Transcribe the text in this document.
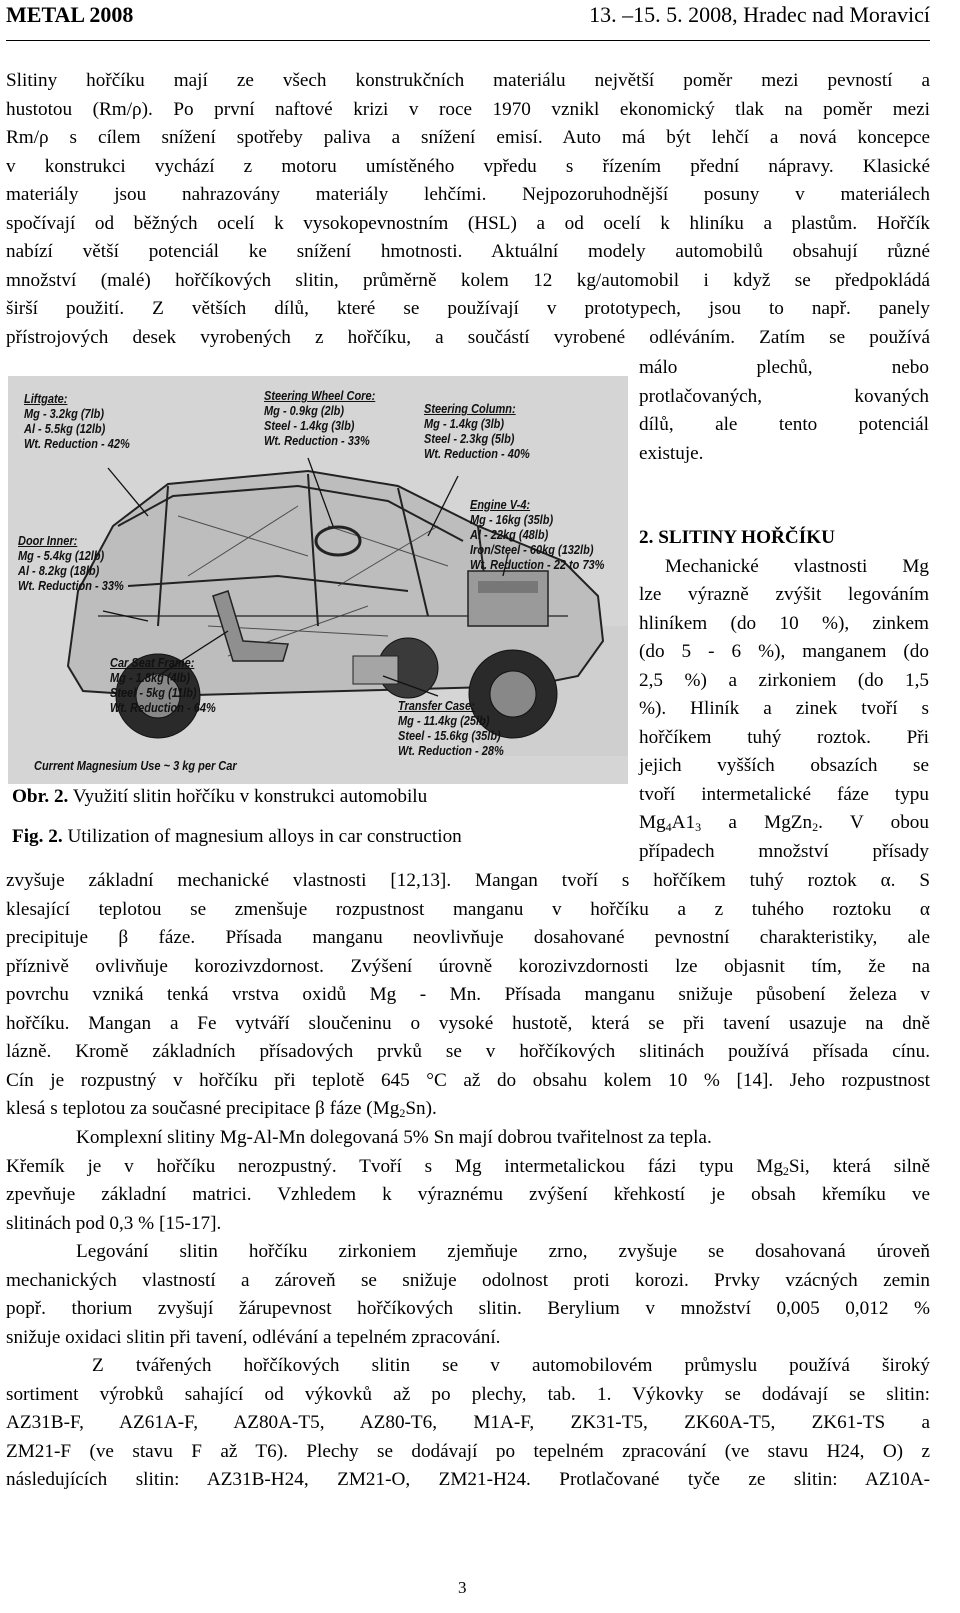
METAL 2008	13. –15. 5. 2008, Hradec nad Moravicí
Slitiny hořčíku mají ze všech konstrukčních materiálu největší poměr mezi pevností a
hustotou (Rm/ρ). Po první naftové krizi v roce 1970 vznikl ekonomický tlak na poměr mezi
Rm/ρ s cílem snížení spotřeby paliva a snížení emisí. Auto má být lehčí a nová koncepce
v konstrukci vychází z motoru umístěného vpředu s řízením přední nápravy. Klasické
materiály jsou nahrazovány materiály lehčími. Nejpozoruhodnější posuny v materiálech
spočívají od běžných ocelí k vysokopevnostním (HSL) a od ocelí k hliníku a plastům. Hořčík
nabízí větší potenciál ke snížení hmotnosti. Aktuální modely automobilů obsahují různé
množství (malé) hořčíkových slitin, průměrně kolem 12 kg/automobil i když se předpokládá
širší použití. Z větších dílů, které se používají v prototypech, jsou to např. panely
přístrojových desek vyrobených z hořčíku, a součástí vyrobené odléváním. Zatím se používá
málo plechů, nebo
protlačovaných, kovaných
dílů, ale tento potenciál
existuje.
2. SLITINY HOŘČÍKU
Mechanické vlastnosti Mg
lze výrazně zvýšit legováním
hliníkem (do 10 %), zinkem
(do 5 - 6 %), manganem (do
2,5 %) a zirkoniem (do 1,5
%). Hliník a zinek tvoří s
hořčíkem tuhý roztok. Při
jejich vyšších obsazích se
tvoří intermetalické fáze typu
$Mg_4A1_3$ a MgZn$_2$. V obou
případech množství přísady
Liftgate:
Mg - 3.2kg (7lb)
Al - 5.5kg (12lb)
Wt. Reduction - 42%
Steering Wheel Core:
Mg - 0.9kg (2lb)
Steel - 1.4kg (3lb)
Wt. Reduction - 33%
Steering Column:
Mg - 1.4kg (3lb)
Steel - 2.3kg (5lb)
Wt. Reduction - 40%
Engine V-4:
Mg - 16kg (35lb)
Al - 22kg (48lb)
Iron/Steel - 60kg (132lb)
Wt. Reduction - 22 to 73%
Door Inner:
Mg - 5.4kg (12lb)
Al - 8.2kg (18lb)
Wt. Reduction - 33%
Car Seat Frame:
Mg - 1.8kg (4lb)
Steel - 5kg (11lb)
Wt. Reduction - 64%	Transfer Case:
Mg - 11.4kg (25lb)
Steel - 15.6kg (35lb)
Wt. Reduction - 28%
Current Magnesium Use ~ 3 kg per Car
Obr. 2. Využití slitin hořčíku v konstrukci automobilu
Fig. 2. Utilization of magnesium alloys in car construction
zvyšuje základní mechanické vlastnosti [12,13]. Mangan tvoří s hořčíkem tuhý roztok α. S
klesající teplotou se zmenšuje rozpustnost manganu v hořčíku a z tuhého roztoku α
precipituje β fáze. Přísada manganu neovlivňuje dosahované pevnostní charakteristiky, ale
příznivě ovlivňuje korozivzdornost. Zvýšení úrovně korozivzdornosti lze objasnit tím, že na
povrchu vzniká tenká vrstva oxidů Mg - Mn. Přísada manganu snižuje působení železa v
hořčíku. Mangan a Fe vytváří sloučeninu o vysoké hustotě, která se při tavení usazuje na dně
lázně. Kromě základních přísadových prvků se v hořčíkových slitinách používá přísada cínu.
Cín je rozpustný v hořčíku při teplotě 645 °C až do obsahu kolem 10 % [14]. Jeho rozpustnost
klesá s teplotou za současné precipitace β fáze $(Mg_2Sn)$.
Komplexní slitiny Mg-Al-Mn dolegovaná 5% Sn mají dobrou tvařitelnost za tepla.
Křemík je v hořčíku nerozpustný. Tvoří s Mg intermetalickou fázi typu $Mg_2Si$, která silně
zpevňuje základní matrici. Vzhledem k výraznému zvýšení křehkostí je obsah křemíku ve
slitinách pod 0,3 % [15-17].
Legování slitin hořčíku zirkoniem zjemňuje zrno, zvyšuje se dosahovaná úroveň
mechanických vlastností a zároveň se snižuje odolnost proti korozi. Prvky vzácných zemin
popř. thorium zvyšují žárupevnost hořčíkových slitin. Berylium v množství 0,005 0,012 %
snižuje oxidaci slitin při tavení, odlévání a tepelném zpracování.
Z tvářených hořčíkových slitin se v automobilovém průmyslu používá široký
sortiment výrobků sahající od výkovků až po plechy, tab. 1. Výkovky se dodávají se slitin:
AZ31B-F, AZ61A-F, AZ80A-T5, AZ80-T6, M1A-F, ZK31-T5, ZK60A-T5, ZK61-TS a
ZM21-F (ve stavu F až T6). Plechy se dodávají po tepelném zpracování (ve stavu H24, O) z
následujících slitin: AZ31B-H24, ZM21-O, ZM21-H24. Protlačované tyče ze slitin: AZ10A-
3
